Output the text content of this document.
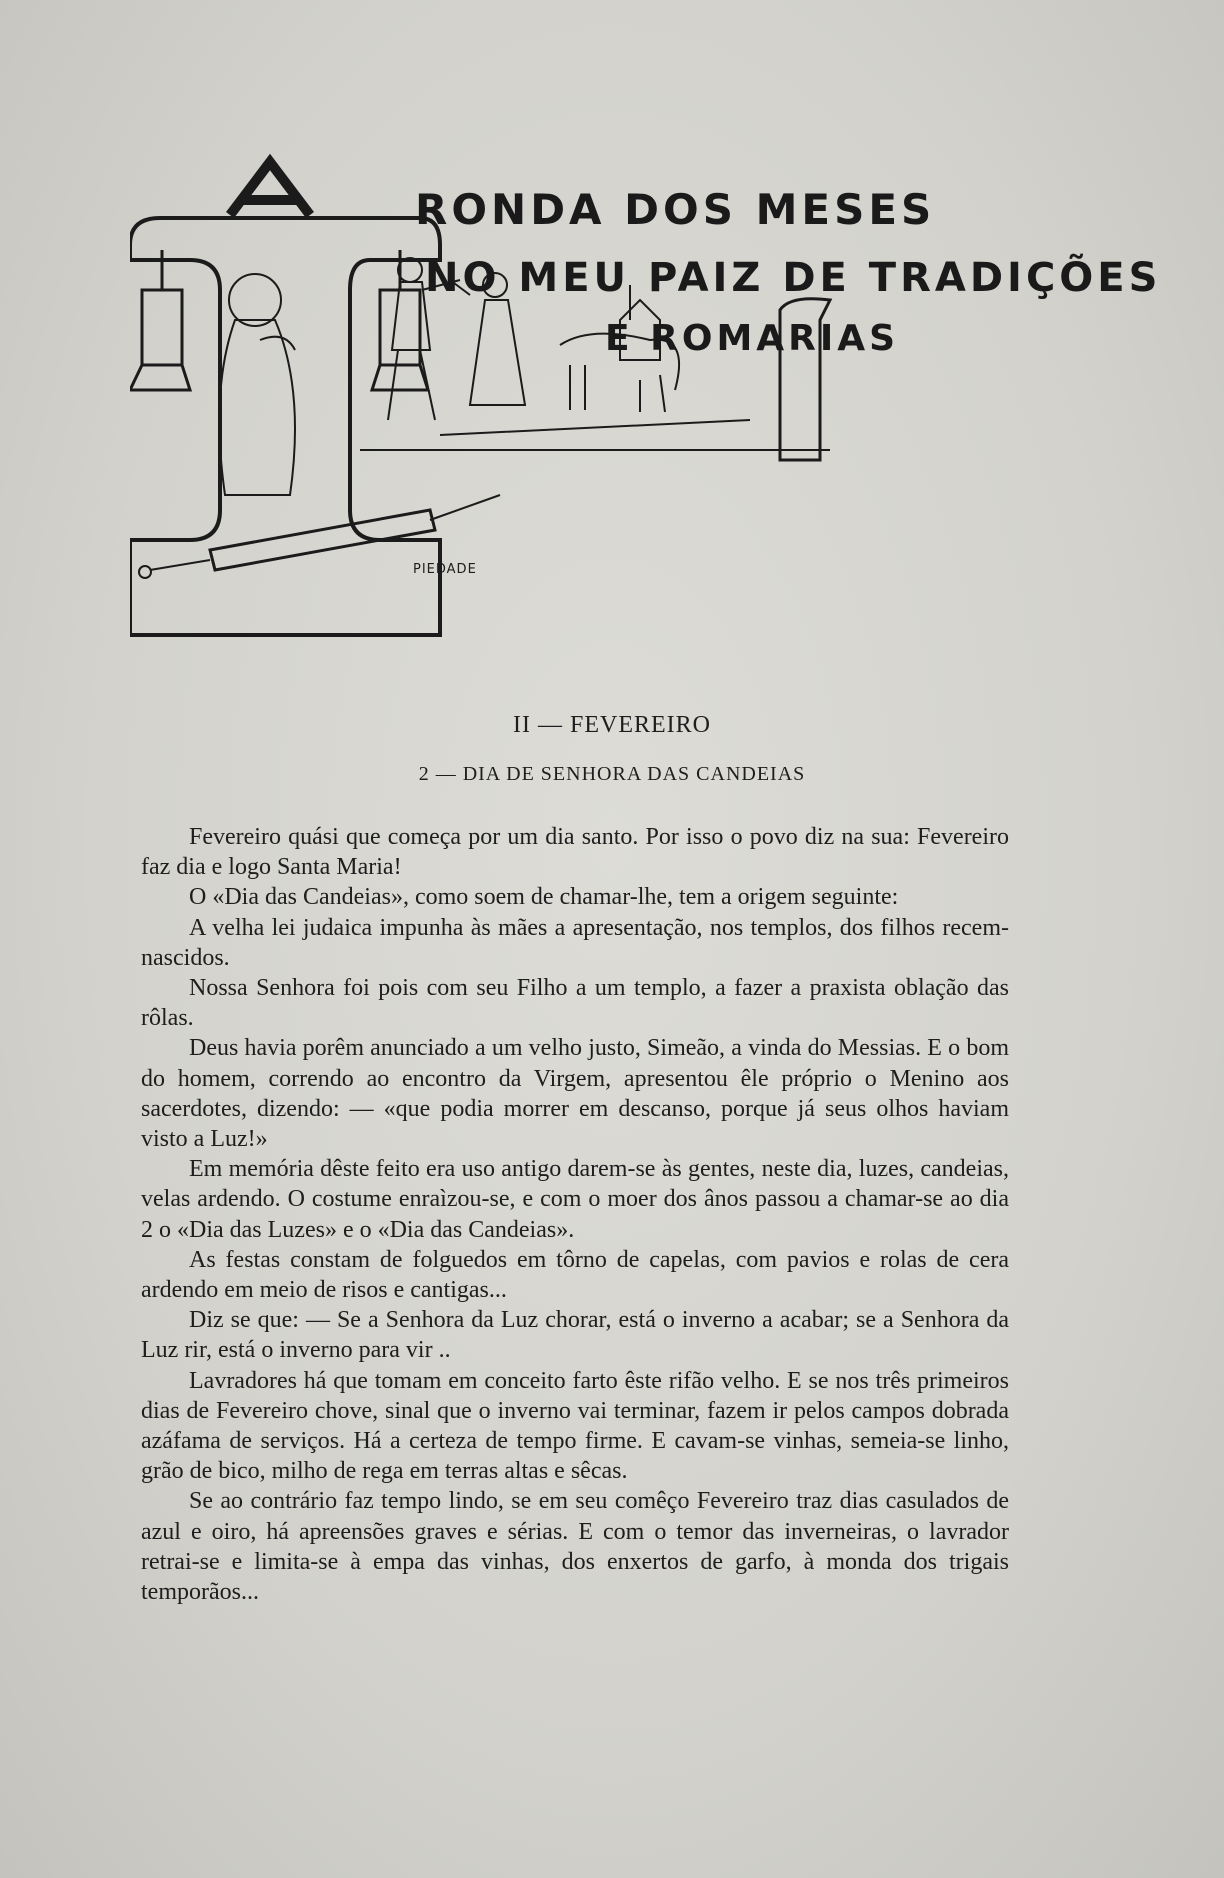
RONDA DOS MESES
NO MEU PAIZ DE TRADIÇÕES
E ROMARIAS
PIEDADE
II — FEVEREIRO
2 — DIA DE SENHORA DAS CANDEIAS

Fevereiro quási que começa por um dia santo. Por isso o povo diz na sua: Fevereiro faz dia e logo Santa Maria!

O «Dia das Candeias», como soem de chamar-lhe, tem a origem seguinte:

A velha lei judaica impunha às mães a apresentação, nos templos, dos filhos recem-nascidos.

Nossa Senhora foi pois com seu Filho a um templo, a fazer a praxista oblação das rôlas.

Deus havia porêm anunciado a um velho justo, Simeão, a vinda do Messias. E o bom do homem, correndo ao encontro da Virgem, apresentou êle próprio o Menino aos sacerdotes, dizendo: — «que podia morrer em descanso, porque já seus olhos haviam visto a Luz!»

Em memória dêste feito era uso antigo darem-se às gentes, neste dia, luzes, candeias, velas ardendo. O costume enraìzou-se, e com o moer dos ânos passou a chamar-se ao dia 2 o «Dia das Luzes» e o «Dia das Candeias».

As festas constam de folguedos em tôrno de capelas, com pavios e rolas de cera ardendo em meio de risos e cantigas...

Diz se que: — Se a Senhora da Luz chorar, está o inverno a acabar; se a Senhora da Luz rir, está o inverno para vir ..

Lavradores há que tomam em conceito farto êste rifão velho. E se nos três primeiros dias de Fevereiro chove, sinal que o inverno vai terminar, fazem ir pelos campos dobrada azáfama de serviços. Há a certeza de tempo firme. E cavam-se vinhas, semeia-se linho, grão de bico, milho de rega em terras altas e sêcas.

Se ao contrário faz tempo lindo, se em seu comêço Fevereiro traz dias casulados de azul e oiro, há apreensões graves e sérias. E com o temor das inverneiras, o lavrador retrai-se e limita-se à empa das vinhas, dos enxertos de garfo, à monda dos trigais temporãos...
